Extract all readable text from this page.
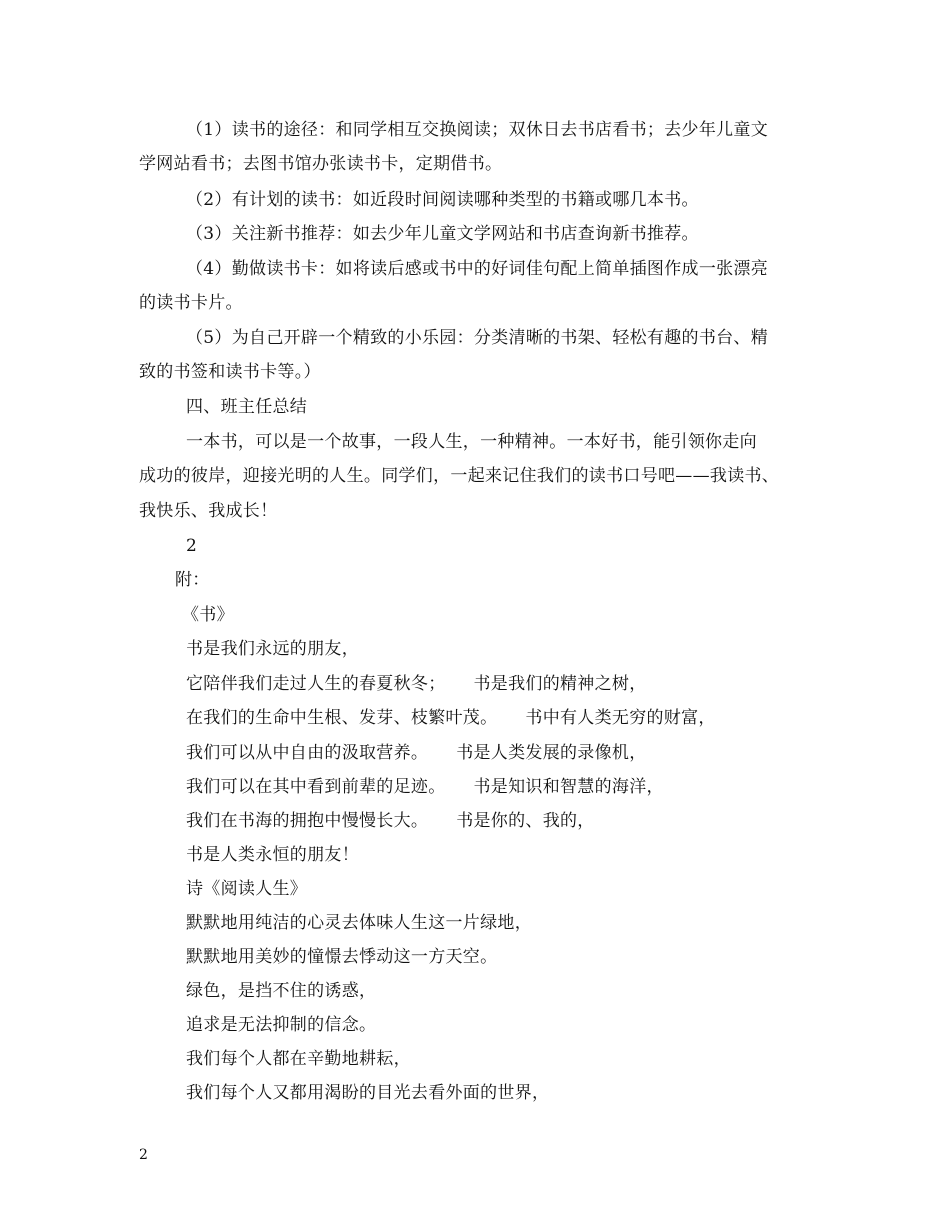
（1）读书的途径：和同学相互交换阅读；双休日去书店看书；去少年儿童文
学网站看书；去图书馆办张读书卡，定期借书。
（2）有计划的读书：如近段时间阅读哪种类型的书籍或哪几本书。
（3）关注新书推荐：如去少年儿童文学网站和书店查询新书推荐。
（4）勤做读书卡：如将读后感或书中的好词佳句配上简单插图作成一张漂亮
的读书卡片。
（5）为自己开辟一个精致的小乐园：分类清晰的书架、轻松有趣的书台、精
致的书签和读书卡等。）
四、班主任总结
一本书，可以是一个故事，一段人生，一种精神。一本好书，能引领你走向
成功的彼岸，迎接光明的人生。同学们，一起来记住我们的读书口号吧——我读书、
我快乐、我成长！
2
附：
《书》
书是我们永远的朋友，
它陪伴我们走过人生的春夏秋冬； 书是我们的精神之树，
在我们的生命中生根、发芽、枝繁叶茂。 书中有人类无穷的财富，
我们可以从中自由的汲取营养。 书是人类发展的录像机，
我们可以在其中看到前辈的足迹。 书是知识和智慧的海洋，
我们在书海的拥抱中慢慢长大。 书是你的、我的，
书是人类永恒的朋友！
诗《阅读人生》
默默地用纯洁的心灵去体味人生这一片绿地，
默默地用美妙的憧憬去悸动这一方天空。
绿色，是挡不住的诱惑，
追求是无法抑制的信念。
我们每个人都在辛勤地耕耘，
我们每个人又都用渴盼的目光去看外面的世界，
2
